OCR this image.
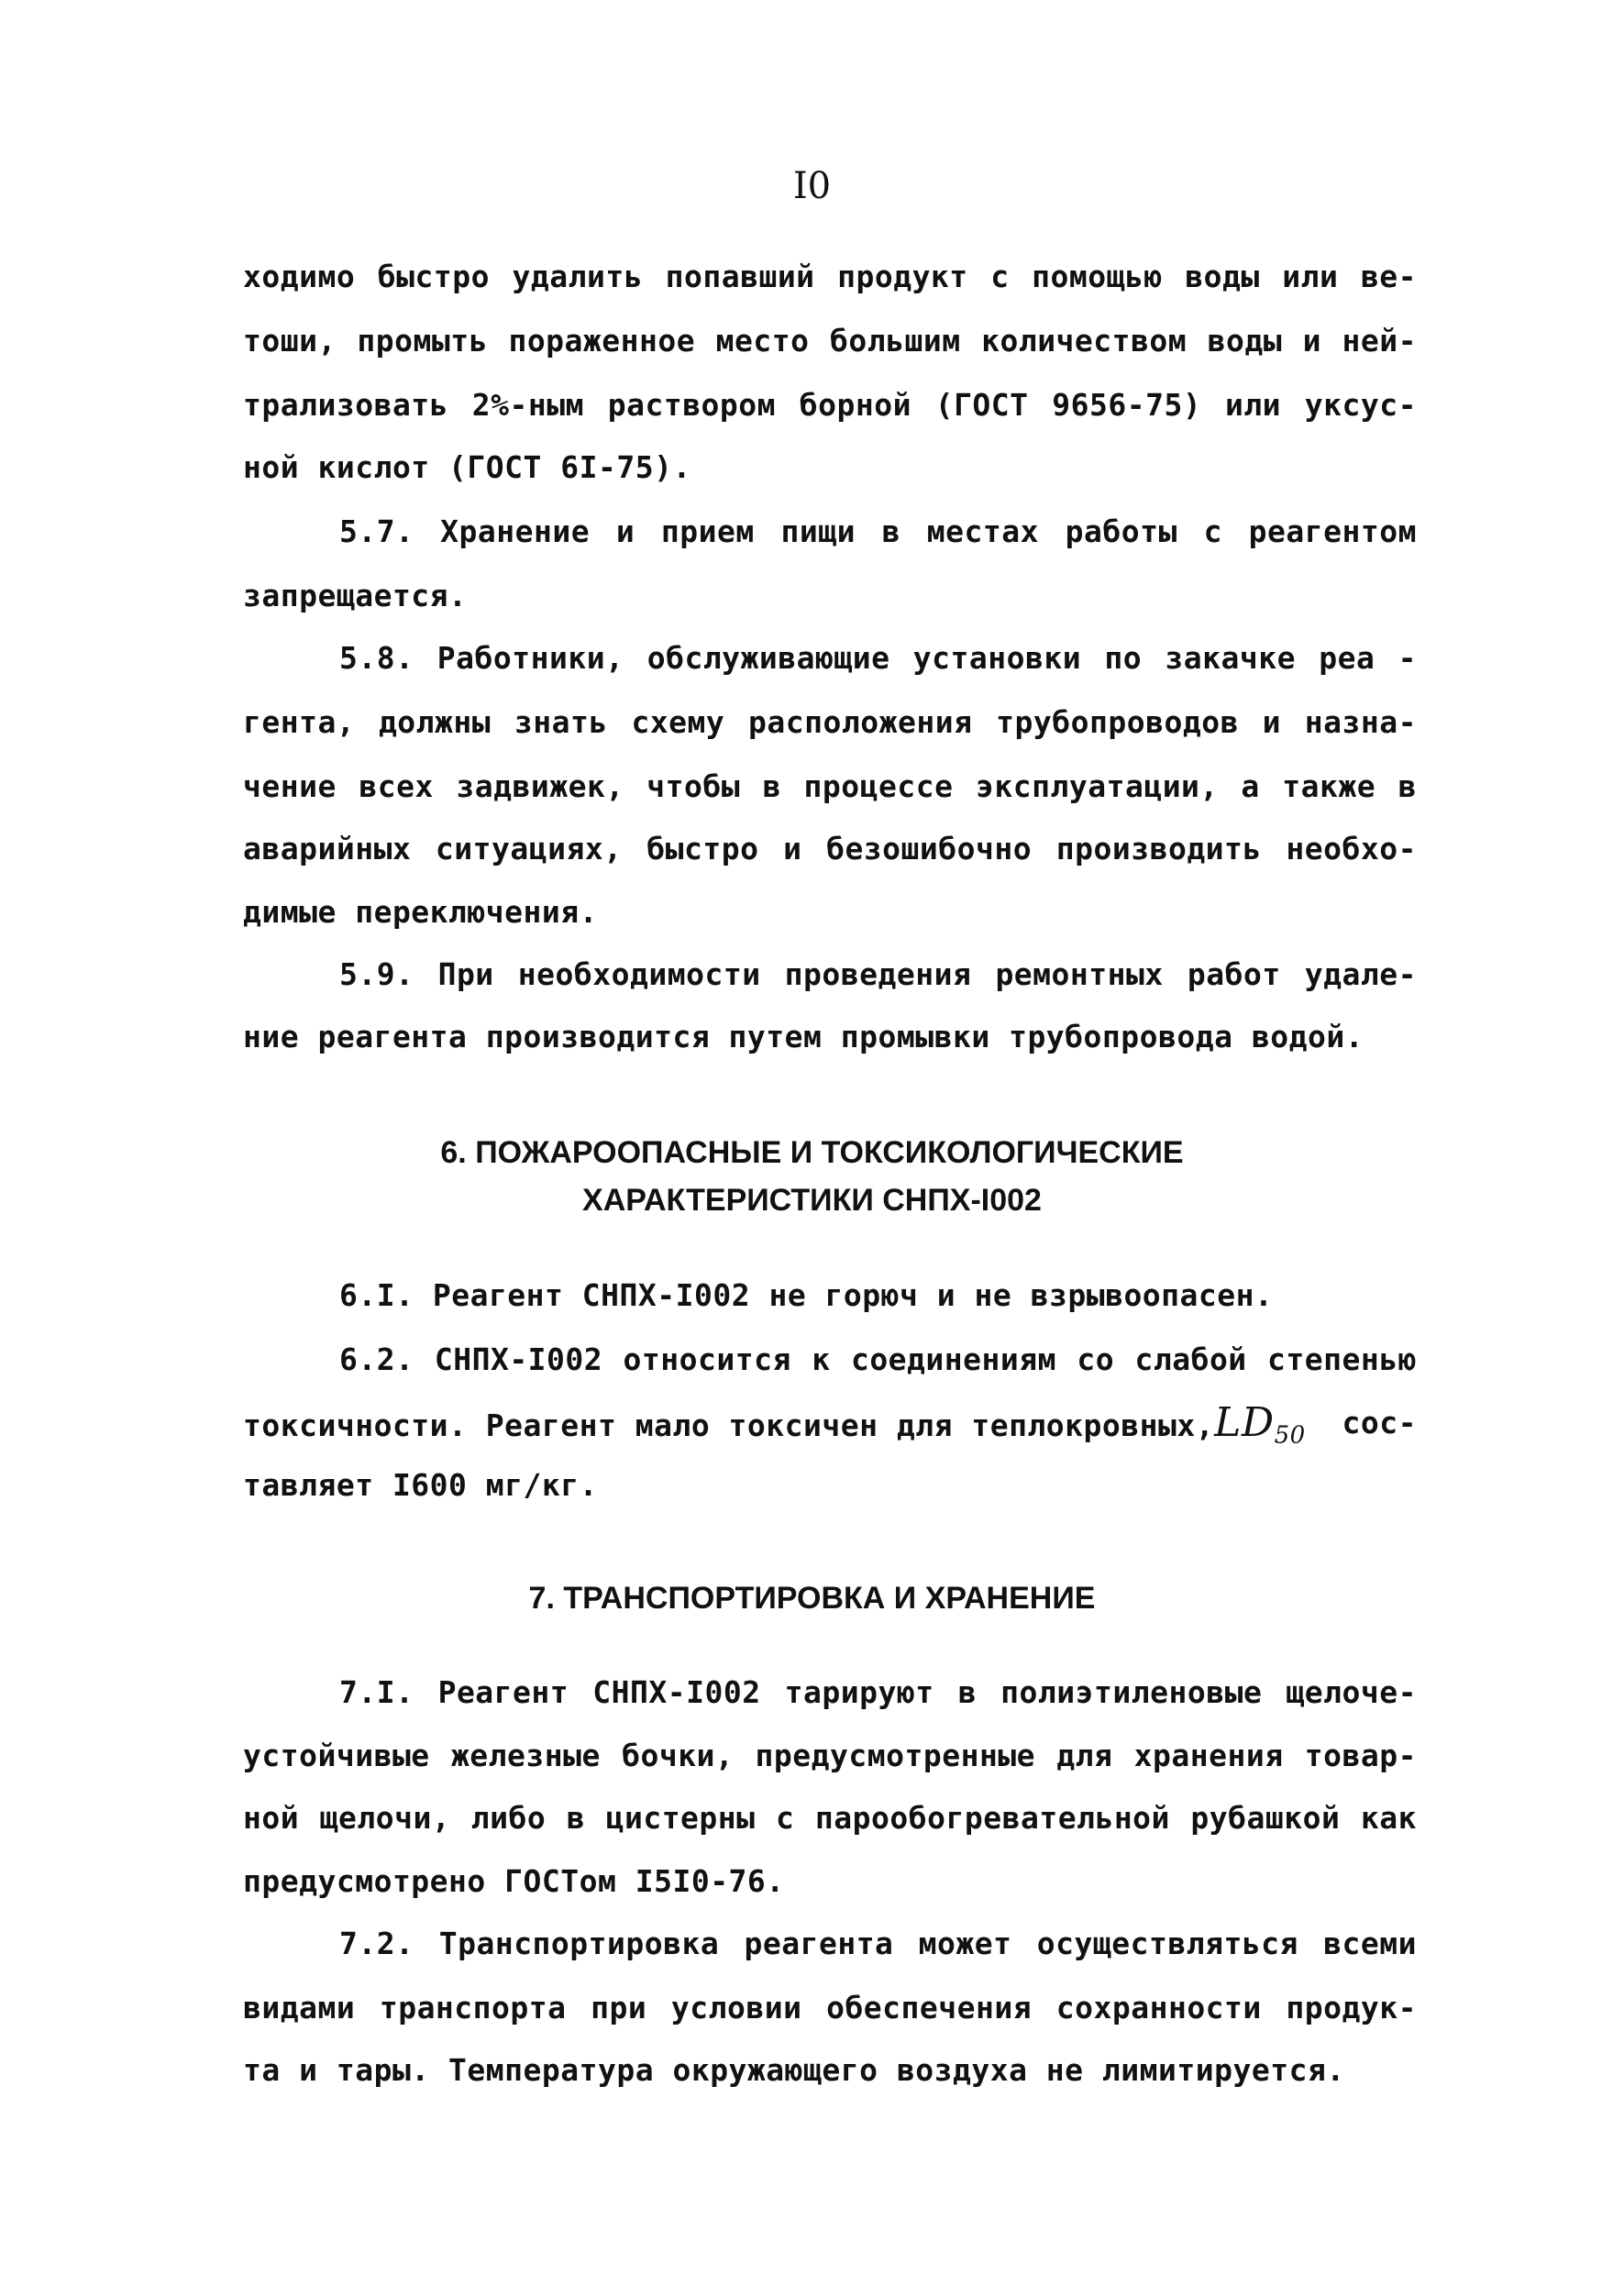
I0
ходимо быстро удалить попавший продукт с помощью воды или ве-
тоши, промыть пораженное место большим количеством воды и ней-
трализовать 2%-ным раствором борной (ГОСТ 9656-75) или уксус-
ной кислот (ГОСТ 6I-75).
5.7. Хранение и прием пищи в местах работы с реагентом
запрещается.
5.8. Работники, обслуживающие установки по закачке реа -
гента, должны знать схему расположения трубопроводов и назна-
чение всех задвижек, чтобы в процессе эксплуатации, а также в
аварийных ситуациях, быстро и безошибочно производить необхо-
димые переключения.
5.9. При необходимости проведения ремонтных работ удале-
ние реагента производится путем промывки трубопровода водой.
6. ПОЖАРООПАСНЫЕ И ТОКСИКОЛОГИЧЕСКИЕ
ХАРАКТЕРИСТИКИ СНПХ-I002
6.I. Реагент СНПХ-I002 не горюч и не взрывоопасен.
6.2. СНПХ-I002 относится к соединениям со слабой степенью
токсичности. Реагент мало токсичен для $теплокровных,LD_{50}$ сос-
тавляет I600 мг/кг.
7. ТРАНСПОРТИРОВКА И ХРАНЕНИЕ
7.I. Реагент СНПХ-I002 тарируют в полиэтиленовые щелоче-
устойчивые железные бочки, предусмотренные для хранения товар-
ной щелочи, либо в цистерны с парообогревательной рубашкой как
предусмотрено ГОСТом I5I0-76.
7.2. Транспортировка реагента может осуществляться всеми
видами транспорта при условии обеспечения сохранности продук-
та и тары. Температура окружающего воздуха не лимитируется.
